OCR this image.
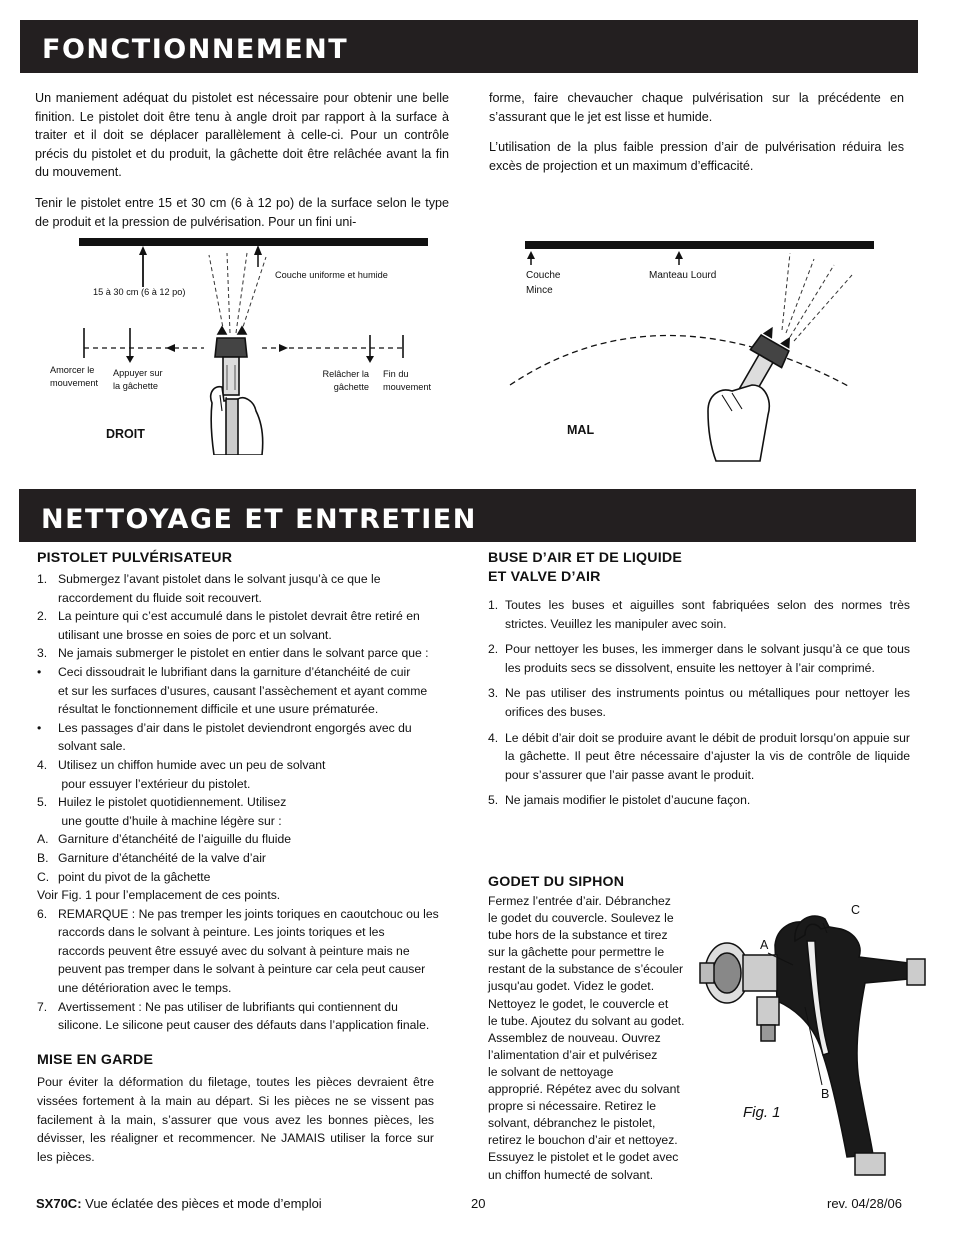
FONCTIONNEMENT
NETTOYAGE ET ENTRETIEN

Un maniement adéquat du pistolet est nécessaire pour obtenir une belle finition. Le pistolet doit être tenu à angle droit par rapport à la surface à traiter et il doit se déplacer parallèlement à celle-ci. Pour un contrôle précis du pistolet et du produit, la gâchette doit être relâchée avant la fin du mouvement.

Tenir le pistolet entre 15 et 30 cm (6 à 12 po) de la surface selon le type de produit et la pression de pulvérisation. Pour un fini uni-

forme, faire chevaucher chaque pulvérisation sur la précédente en s’assurant que le jet est lisse et humide.

L’utilisation de la plus faible pression d’air de pulvérisation réduira les excès de projection et un maximum d’efficacité.

15 à 30 cm (6 à 12 po)
Couche uniforme et humide
Amorcer le
mouvement
Appuyer sur
la gâchette
Relâcher la
gâchette
Fin du
mouvement
DROIT
Couche
Mince
Manteau Lourd
MAL
PISTOLET PULVÉRISATEUR
1. Submergez l’avant pistolet dans le solvant jusqu’à ce que le
raccordement du fluide soit recouvert.
2. La peinture qui c’est accumulé dans le pistolet devrait être retiré en
utilisant une brosse en soies de porc et un solvant.
3. Ne jamais submerger le pistolet en entier dans le solvant parce que :
•	Ceci dissoudrait le lubrifiant dans la garniture d’étanchéité de cuir
et sur les surfaces d’usures, causant l’assèchement et ayant comme
résultat le fonctionnement difficile et une usure prématurée.
•	Les passages d’air dans le pistolet deviendront engorgés avec du
solvant sale.
4. Utilisez un chiffon humide avec un peu de solvant
pour essuyer l’extérieur du pistolet.
5. Huilez le pistolet quotidiennement. Utilisez
une goutte d’huile à machine légère sur :
A. Garniture d’étanchéité de l’aiguille du fluide
B. Garniture d’étanchéité de la valve d’air
C. point du pivot de la gâchette
Voir Fig. 1 pour l’emplacement de ces points.
6. REMARQUE : Ne pas tremper les joints toriques en caoutchouc ou les
raccords dans le solvant à peinture. Les joints toriques et les
raccords peuvent être essuyé avec du solvant à peinture mais ne
peuvent pas tremper dans le solvant à peinture car cela peut causer
une détérioration avec le temps.
7. Avertissement : Ne pas utiliser de lubrifiants qui contiennent du
silicone. Le silicone peut causer des défauts dans l’application finale.
MISE EN GARDE
Pour éviter la déformation du filetage, toutes les pièces devraient être vissées fortement à la main au départ. Si les pièces ne se vissent pas facilement à la main, s’assurer que vous avez les bonnes pièces, les dévisser, les réaligner et recommencer. Ne JAMAIS utiliser la force sur les pièces.
BUSE D’AIR ET DE LIQUIDE
ET VALVE D’AIR
1. Toutes les buses et aiguilles sont fabriquées selon des normes très strictes. Veuillez les manipuler avec soin.
2. Pour nettoyer les buses, les immerger dans le solvant jusqu’à ce que tous les produits secs se dissolvent, ensuite les nettoyer à l’air comprimé.
3. Ne pas utiliser des instruments pointus ou métalliques pour nettoyer les orifices des buses.
4. Le débit d’air doit se produire avant le débit de produit lorsqu’on appuie sur la gâchette. Il peut être nécessaire d’ajuster la vis de contrôle de liquide pour s’assurer que l’air passe avant le produit.
5. Ne jamais modifier le pistolet d’aucune façon.
GODET DU SIPHON
Fermez l’entrée d’air. Débranchez
le godet du couvercle. Soulevez le
tube hors de la substance et tirez
sur la gâchette pour permettre le
restant de la substance de s’écouler
jusqu'au godet. Videz le godet.
Nettoyez le godet, le couvercle et
le tube. Ajoutez du solvant au godet.
Assemblez de nouveau. Ouvrez
l’alimentation d’air et pulvérisez
le solvant de nettoyage
approprié. Répétez avec du solvant
propre si nécessaire. Retirez le
solvant, débranchez le pistolet,
retirez le bouchon d’air et nettoyez.
Essuyez le pistolet et le godet avec
un chiffon humecté de solvant.
C
A
B
Fig. 1
SX70C: Vue éclatée des pièces et mode d’emploi	20	rev. 04/28/06
